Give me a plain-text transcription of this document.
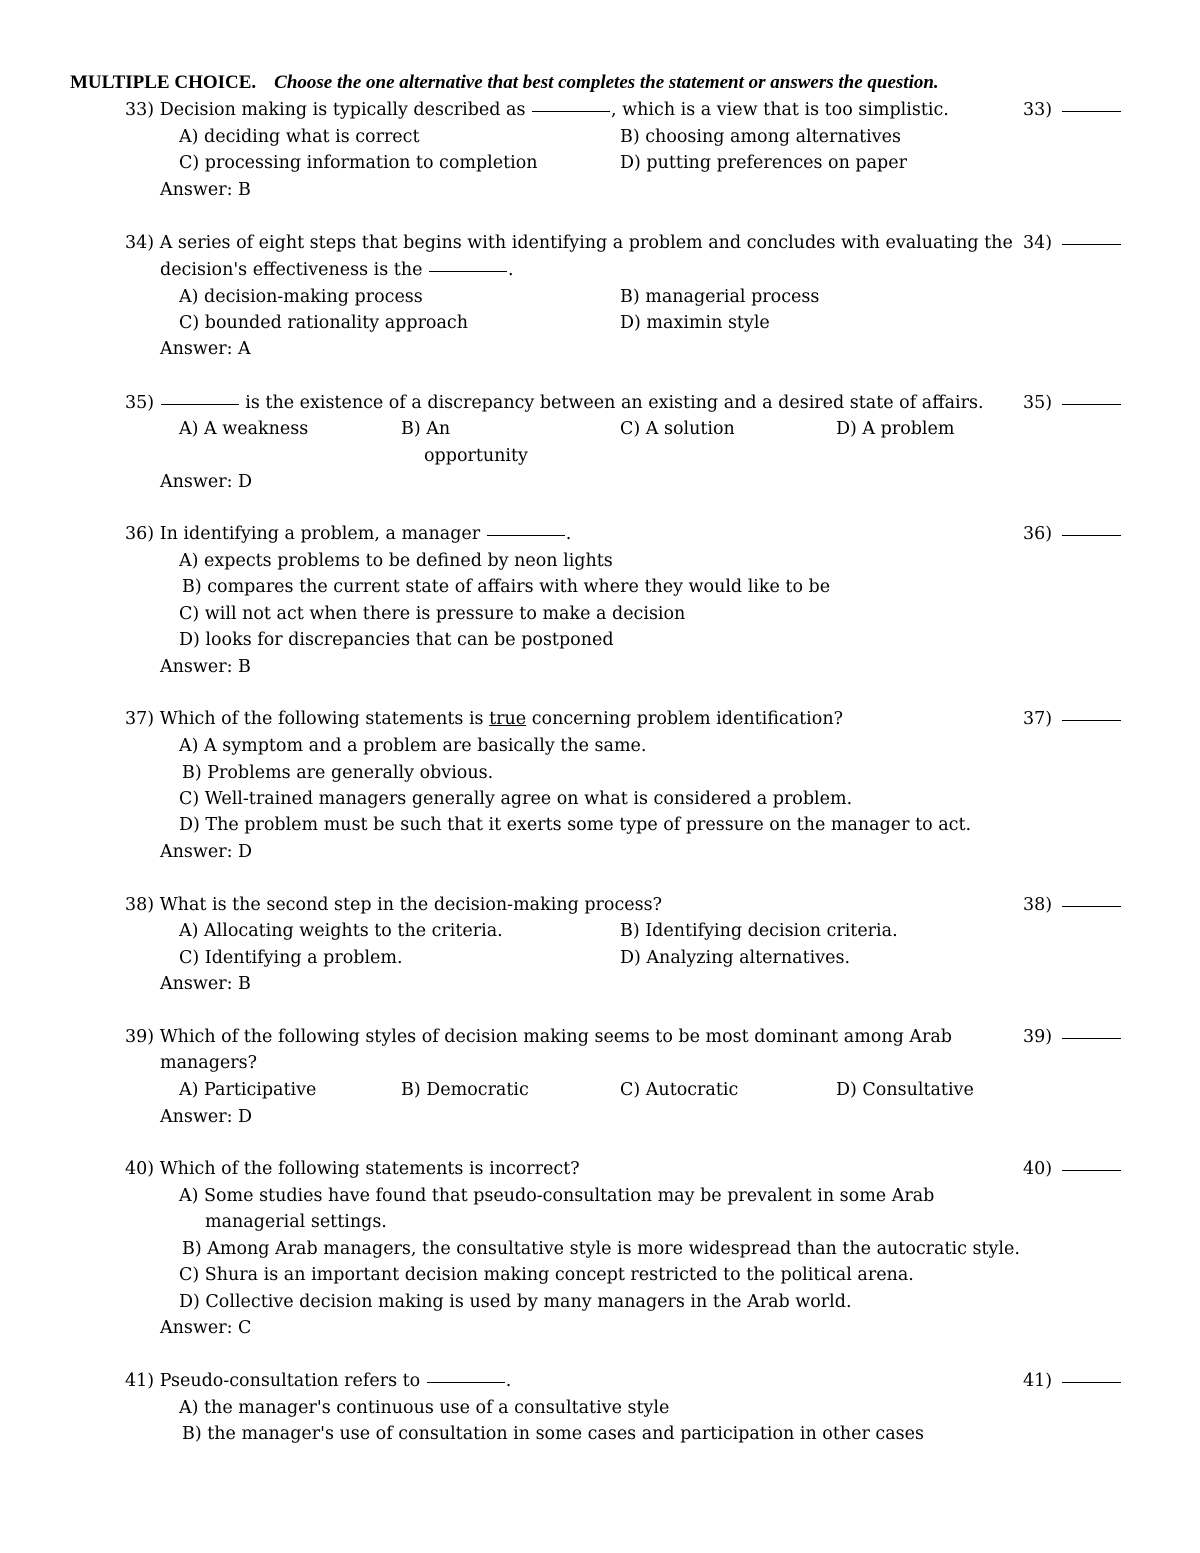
MULTIPLE CHOICE. Choose the one alternative that best completes the statement or answers the question.
33) Decision making is typically described as	, which is a view that is too simplistic.	33)
A) deciding what is correct	B) choosing among alternatives
C) processing information to completion	D) putting preferences on paper
Answer: B
34) A series of eight steps that begins with identifying a problem and concludes with evaluating the
decision's effectiveness is the	.
34)
A) decision-making process	B) managerial process
C) bounded rationality approach	D) maximin style
Answer: A
35)	is the existence of a discrepancy between an existing and a desired state of affairs. 35)
A) A weakness	B) An
opportunity
C) A solution	D) A problem
Answer: D
36) In identifying a problem, a manager	.	36)
A) expects problems to be defined by neon lights
B) compares the current state of affairs with where they would like to be
C) will not act when there is pressure to make a decision
D) looks for discrepancies that can be postponed
Answer: B
37) Which of the following statements is true concerning problem identification?	37)
A) A symptom and a problem are basically the same.
B) Problems are generally obvious.
C) Well-trained managers generally agree on what is considered a problem.
D) The problem must be such that it exerts some type of pressure on the manager to act.
Answer: D
38) What is the second step in the decision-making process?	38)
A) Allocating weights to the criteria.	B) Identifying decision criteria.
C) Identifying a problem.	D) Analyzing alternatives.
Answer: B
39) Which of the following styles of decision making seems to be most dominant among Arab
managers?
39)
A) Participative	B) Democratic	C) Autocratic	D) Consultative
Answer: D
40) Which of the following statements is incorrect?	40)
A) Some studies have found that pseudo-consultation may be prevalent in some Arab
managerial settings.
B) Among Arab managers, the consultative style is more widespread than the autocratic style.
C) Shura is an important decision making concept restricted to the political arena.
D) Collective decision making is used by many managers in the Arab world.
Answer: C
41) Pseudo-consultation refers to	.	41)
A) the manager's continuous use of a consultative style
B) the manager's use of consultation in some cases and participation in other cases
